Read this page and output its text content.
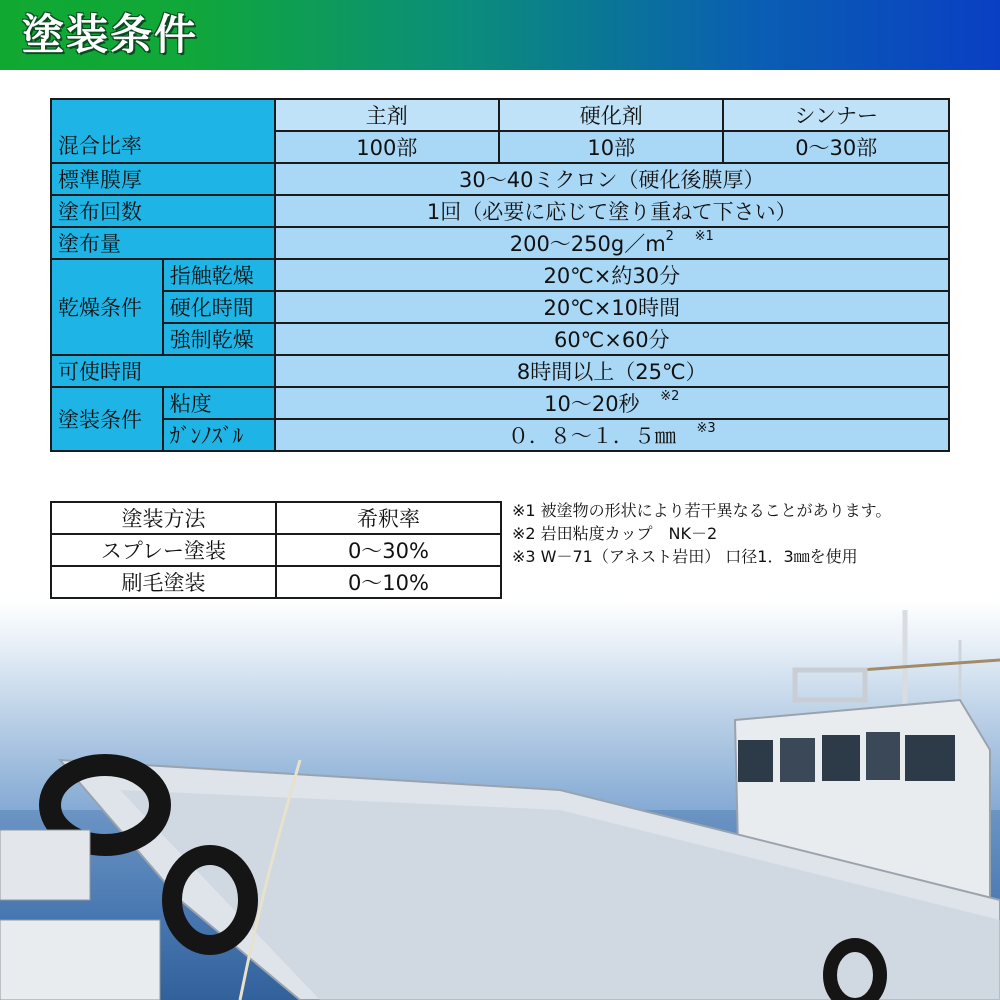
塗装条件
混合比率		主剤	硬化剤	シンナー
		100部	10部	0〜30部
標準膜厚		30〜40ミクロン（硬化後膜厚）		
塗布回数		1回（必要に応じて塗り重ねて下さい）		
塗布量		200〜$250g/m^2$ $^{※1}$
乾燥条件	指触乾燥	20℃×約30分		
	硬化時間	20℃×10時間		
	強制乾燥	60℃×60分		
可使時間		8時間以上（25℃）		
塗装条件	粘度	10〜20秒 $^{※2}$
	ｶﾞﾝﾉｽﾞﾙ	０．８〜１．５㎜ $^{※3}$
塗装方法	希釈率
スプレー塗装	0〜30%
刷毛塗装	0〜10%
※1 被塗物の形状により若干異なることがあります。
※2 岩田粘度カップ　NK－2
※3 W－71（アネスト岩田） 口径1．3㎜を使用
